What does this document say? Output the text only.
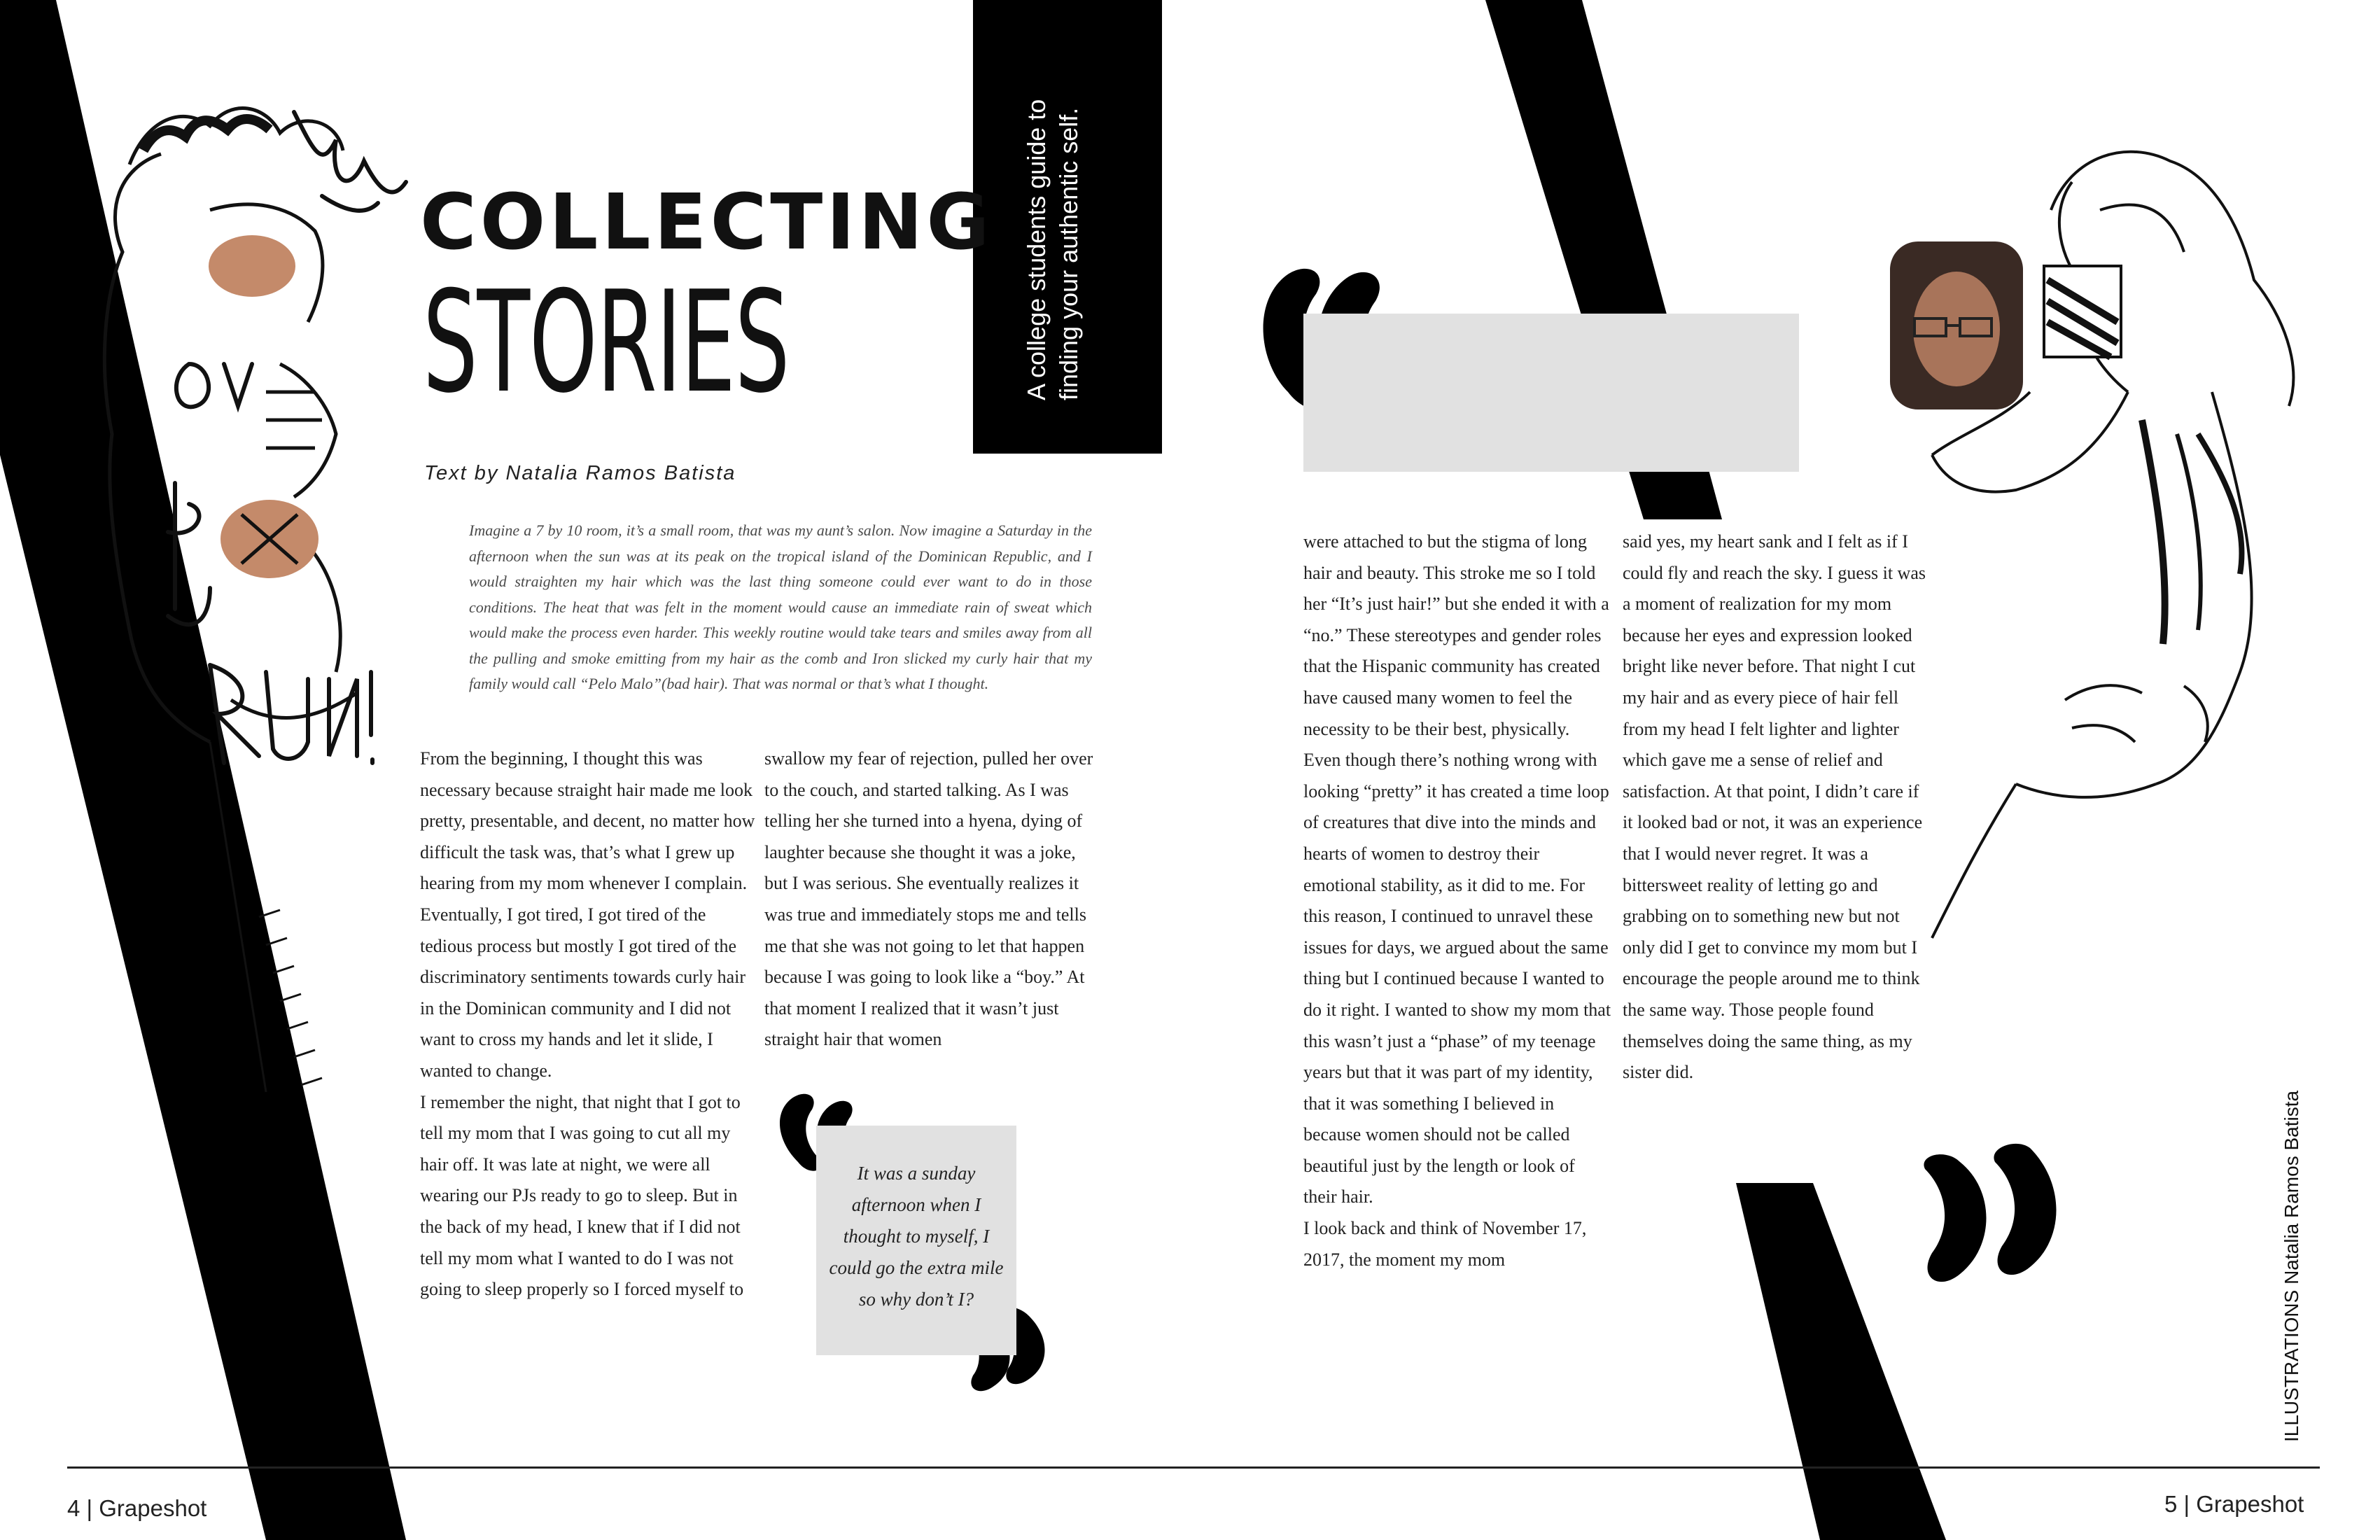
A college students guide to finding your authentic self.
COLLECTING
STORIES
Text by Natalia Ramos Batista
Imagine a 7 by 10 room, it’s a small room, that was my aunt’s salon. Now imagine a Saturday in the afternoon when the sun was at its peak on the tropical island of the Dominican Republic, and I would straighten my hair which was the last thing someone could ever want to do in those conditions. The heat that was felt in the moment would cause an immediate rain of sweat which would make the process even harder. This weekly routine would take tears and smiles away from all the pulling and smoke emitting from my hair as the comb and Iron slicked my curly hair that my family would call “Pelo Malo”(bad hair). That was normal or that’s what I thought.

From the beginning, I thought this was necessary because straight hair made me look pretty, presentable, and decent, no matter how difficult the task was, that’s what I grew up hearing from my mom whenever I complain. Eventually, I got tired, I got tired of the tedious process but mostly I got tired of the discriminatory sentiments towards curly hair in the Dominican community and I did not want to cross my hands and let it slide, I wanted to change.

I remember the night, that night that I got to tell my mom that I was going to cut all my hair off. It was late at night, we were all wearing our PJs ready to go to sleep. But in the back of my head, I knew that if I did not tell my mom what I wanted to do I was not going to sleep properly so I forced myself to

swallow my fear of rejection, pulled her over to the couch, and started talking. As I was telling her she turned into a hyena, dying of laughter because she thought it was a joke, but I was serious. She eventually realizes it was true and immediately stops me and tells me that she was not going to let that happen because I was going to look like a “boy.” At that moment I realized that it wasn’t just straight hair that women

It was a sunday afternoon when I thought to myself, I could go the extra mile so why don’t I?

were attached to but the stigma of long hair and beauty. This stroke me so I told her “It’s just hair!” but she ended it with a “no.” These stereotypes and gender roles that the Hispanic community has created have caused many women to feel the necessity to be their best, physically. Even though there’s nothing wrong with looking “pretty” it has created a time loop of creatures that dive into the minds and hearts of women to destroy their emotional stability, as it did to me. For this reason, I continued to unravel these issues for days, we argued about the same thing but I continued because I wanted to do it right. I wanted to show my mom that this wasn’t just a “phase” of my teenage years but that it was part of my identity, that it was something I believed in because women should not be called beautiful just by the length or look of their hair.

I look back and think of November 17, 2017, the moment my mom

said yes, my heart sank and I felt as if I could fly and reach the sky. I guess it was a moment of realization for my mom because her eyes and expression looked bright like never before. That night I cut my hair and as every piece of hair fell from my head I felt lighter and lighter which gave me a sense of relief and satisfaction. At that point, I didn’t care if it looked bad or not, it was an experience that I would never regret. It was a bittersweet reality of letting go and grabbing on to something new but not only did I get to convince my mom but I encourage the people around me to think the same way. Those people found themselves doing the same thing, as my sister did.

ILLUSTRATIONS Natalia Ramos Batista
4 | Grapeshot	5 | Grapeshot
